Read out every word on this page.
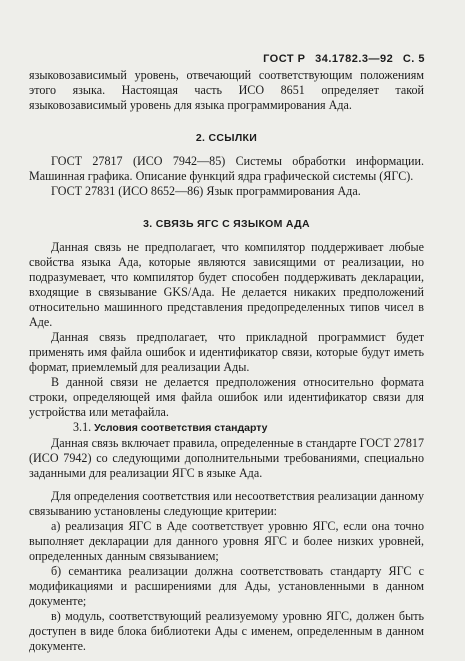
ГОСТ Р 34.1782.3—92 С. 5

языковозависимый уровень, отвечающий соответствующим положениям этого языка. Настоящая часть ИСО 8651 определяет такой языковозависимый уровень для языка программирования Ада.

2. ССЫЛКИ

ГОСТ 27817 (ИСО 7942—85) Системы обработки информации. Машинная графика. Описание функций ядра графической системы (ЯГС).

ГОСТ 27831 (ИСО 8652—86) Язык программирования Ада.

3. СВЯЗЬ ЯГС С ЯЗЫКОМ АДА

Данная связь не предполагает, что компилятор поддерживает любые свойства языка Ада, которые являются зависящими от реализации, но подразумевает, что компилятор будет способен поддерживать декларации, входящие в связывание GKS/Ада. Не делается никаких предположений относительно машинного представления предопределенных типов чисел в Аде.

Данная связь предполагает, что прикладной программист будет применять имя файла ошибок и идентификатор связи, которые будут иметь формат, приемлемый для реализации Ады.

В данной связи не делается предположения относительно формата строки, определяющей имя файла ошибок или идентификатор связи для устройства или метафайла.

3.1. Условия соответствия стандарту

Данная связь включает правила, определенные в стандарте ГОСТ 27817 (ИСО 7942) со следующими дополнительными требованиями, специально заданными для реализации ЯГС в языке Ада.

Для определения соответствия или несоответствия реализации данному связыванию установлены следующие критерии:

а) реализация ЯГС в Аде соответствует уровню ЯГС, если она точно выполняет декларации для данного уровня ЯГС и более низких уровней, определенных данным связыванием;

б) семантика реализации должна соответствовать стандарту ЯГС с модификациями и расширениями для Ады, установленными в данном документе;

в) модуль, соответствующий реализуемому уровню ЯГС, должен быть доступен в виде блока библиотеки Ады с именем, определенным в данном документе.
